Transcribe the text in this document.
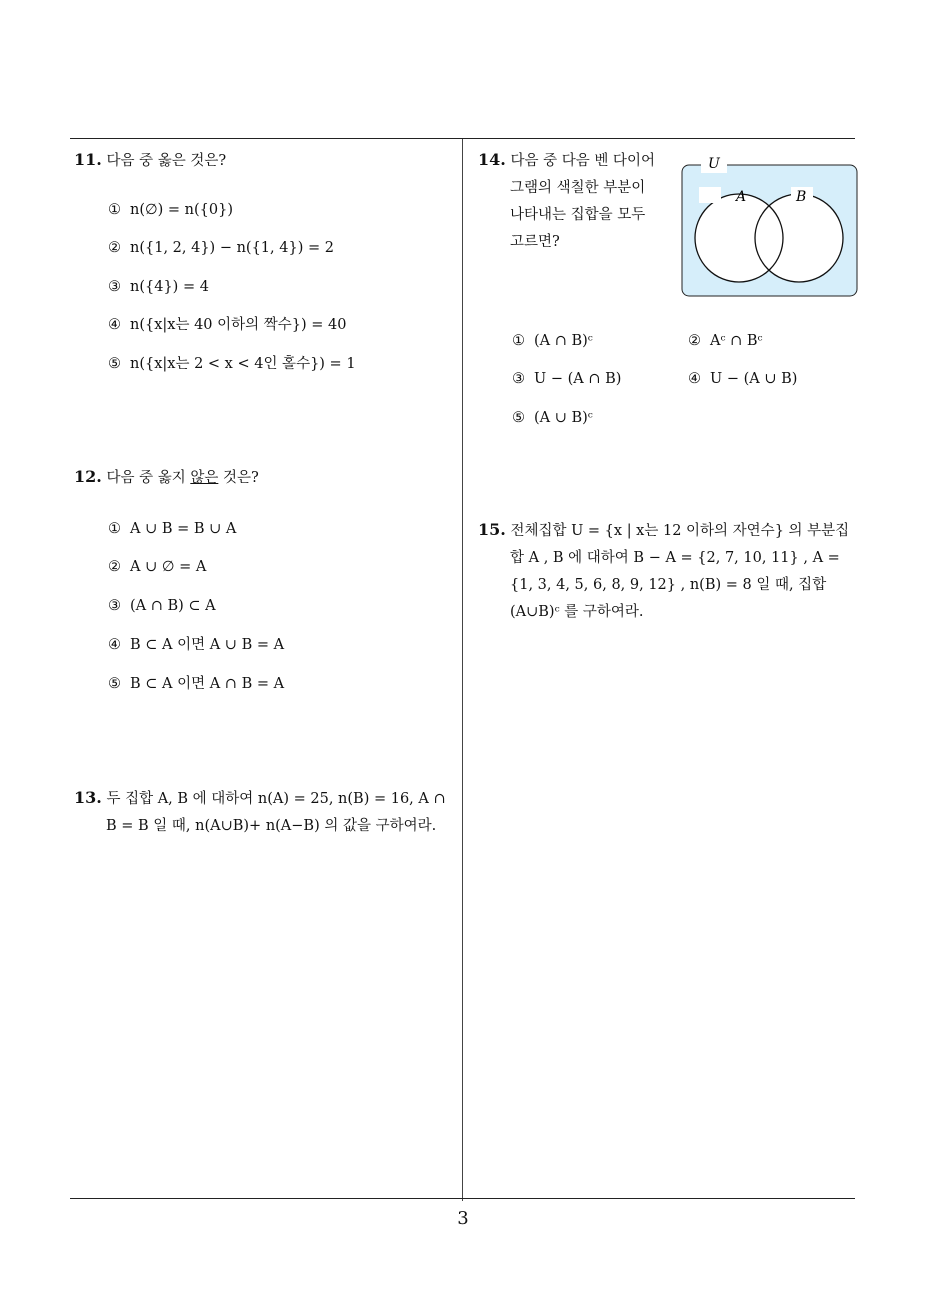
11. 다음 중 옳은 것은?
① n(∅) = n({0})
② n({1, 2, 4}) − n({1, 4}) = 2
③ n({4}) = 4
④ n({x|x는 40 이하의 짝수}) = 40
⑤ n({x|x는 2 < x < 4인 홀수}) = 1
12. 다음 중 옳지 않은 것은?
① A ∪ B = B ∪ A
② A ∪ ∅ = A
③ (A ∩ B) ⊂ A
④ B ⊂ A 이면 A ∪ B = A
⑤ B ⊂ A 이면 A ∩ B = A
13. 두 집합 A, B 에 대하여 n(A) = 25, n(B) = 16, A ∩ B = B 일 때, n(A∪B)+ n(A−B) 의 값을 구하여라.
14. 다음 중 다음 벤 다이어그램의 색칠한 부분이 나타내는 집합을 모두 고르면?
U
A	B
① (A ∩ B)ᶜ	② Aᶜ ∩ Bᶜ
③ U − (A ∩ B)	④ U − (A ∪ B)
⑤ (A ∪ B)ᶜ
15. 전체집합 U = {x | x는 12 이하의 자연수} 의 부분집합 A , B 에 대하여 B − A = {2, 7, 10, 11} , A = {1, 3, 4, 5, 6, 8, 9, 12} , n(B) = 8 일 때, 집합 (A∪B)ᶜ 를 구하여라.
3
